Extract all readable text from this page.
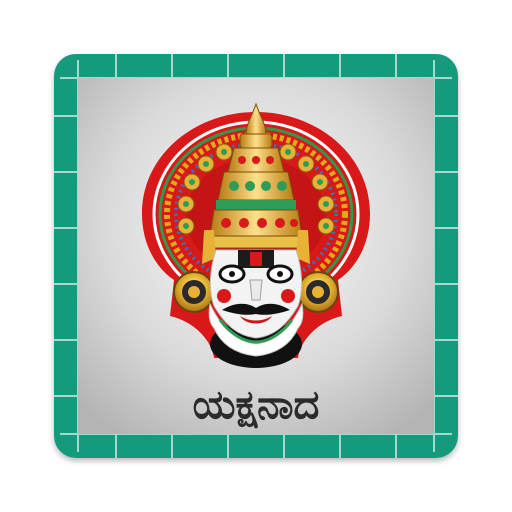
ಯಕ್ಷನಾದ
